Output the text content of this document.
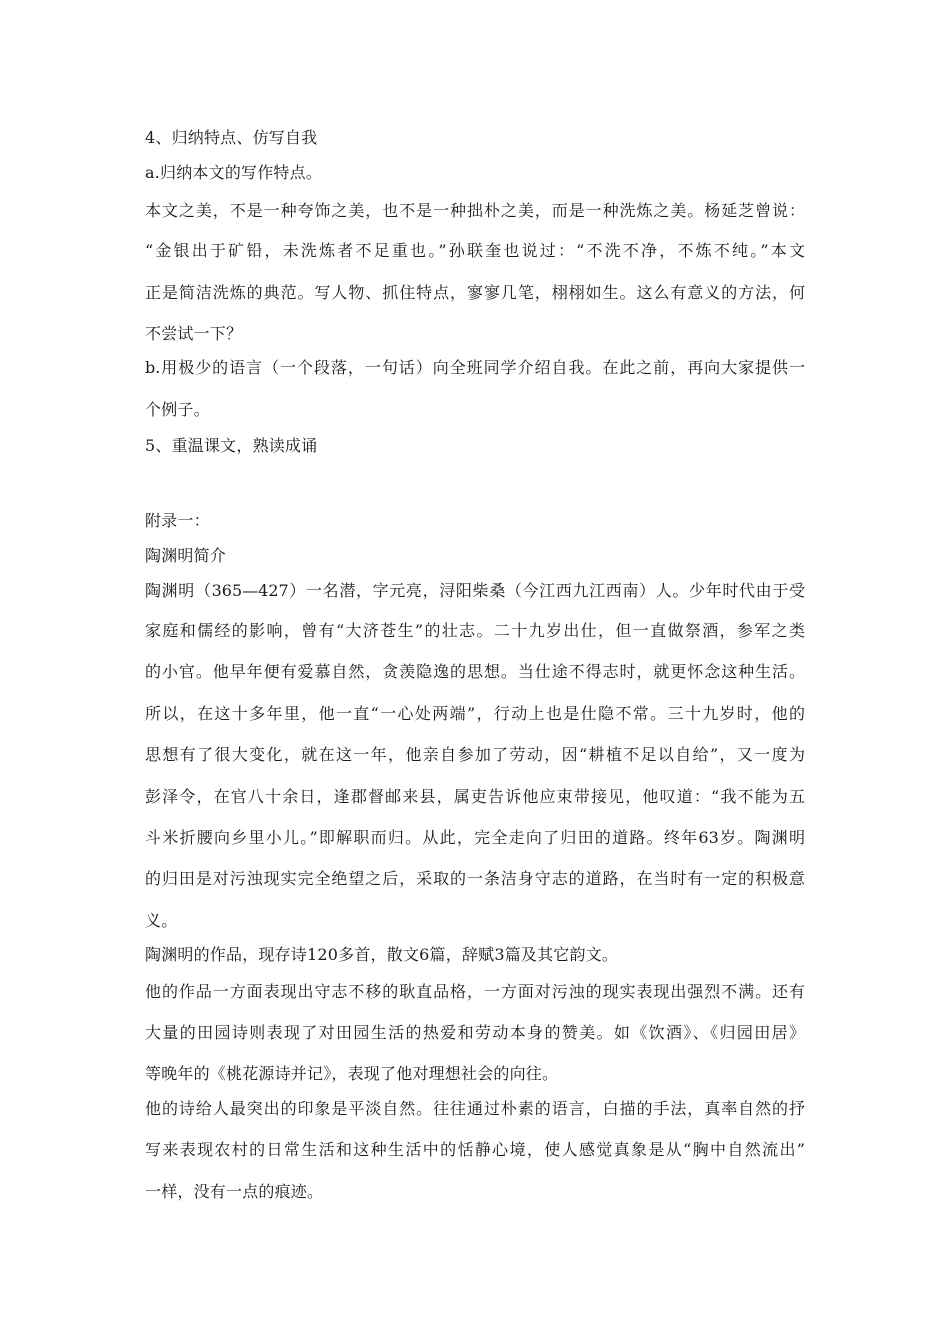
4、归纳特点、仿写自我
a.归纳本文的写作特点。
本文之美，不是一种夸饰之美，也不是一种拙朴之美，而是一种洗炼之美。杨延芝曾说：
“金银出于矿铅，未洗炼者不足重也。”孙联奎也说过：“不洗不净，不炼不纯。”本文
正是简洁洗炼的典范。写人物、抓住特点，寥寥几笔，栩栩如生。这么有意义的方法，何
不尝试一下？
b.用极少的语言（一个段落，一句话）向全班同学介绍自我。在此之前，再向大家提供一
个例子。
5、重温课文，熟读成诵
附录一：
陶渊明简介
陶渊明（365—427）一名潜，字元亮，浔阳柴桑（今江西九江西南）人。少年时代由于受
家庭和儒经的影响，曾有“大济苍生”的壮志。二十九岁出仕，但一直做祭酒，参军之类
的小官。他早年便有爱慕自然，贪羡隐逸的思想。当仕途不得志时，就更怀念这种生活。
所以，在这十多年里，他一直“一心处两端”，行动上也是仕隐不常。三十九岁时，他的
思想有了很大变化，就在这一年，他亲自参加了劳动，因“耕植不足以自给”，又一度为
彭泽令，在官八十余日，逢郡督邮来县，属吏告诉他应束带接见，他叹道：“我不能为五
斗米折腰向乡里小儿。”即解职而归。从此，完全走向了归田的道路。终年63岁。陶渊明
的归田是对污浊现实完全绝望之后，采取的一条洁身守志的道路，在当时有一定的积极意
义。
陶渊明的作品，现存诗120多首，散文6篇，辞赋3篇及其它韵文。
他的作品一方面表现出守志不移的耿直品格，一方面对污浊的现实表现出强烈不满。还有
大量的田园诗则表现了对田园生活的热爱和劳动本身的赞美。如《饮酒》、《归园田居》
等晚年的《桃花源诗并记》，表现了他对理想社会的向往。
他的诗给人最突出的印象是平淡自然。往往通过朴素的语言，白描的手法，真率自然的抒
写来表现农村的日常生活和这种生活中的恬静心境，使人感觉真象是从“胸中自然流出”
一样，没有一点的痕迹。
